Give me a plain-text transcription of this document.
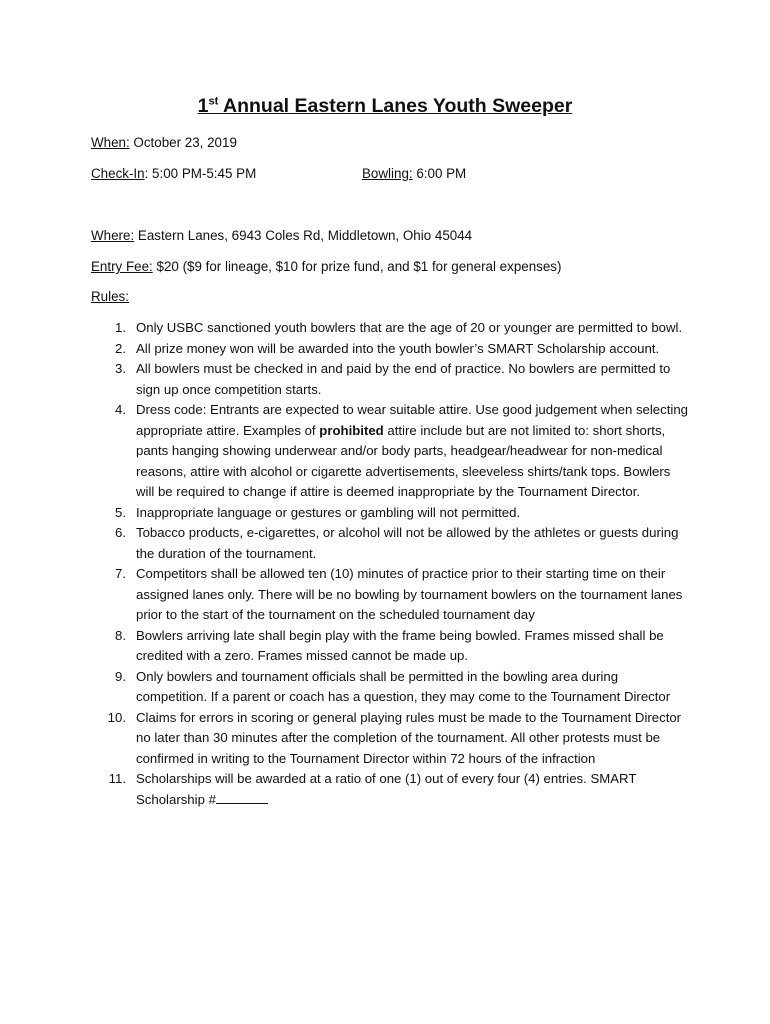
1st Annual Eastern Lanes Youth Sweeper
When: October 23, 2019
Check-In: 5:00 PM-5:45 PM	Bowling: 6:00 PM
Where: Eastern Lanes, 6943 Coles Rd, Middletown, Ohio 45044
Entry Fee: $20 ($9 for lineage, $10 for prize fund, and $1 for general expenses)
Rules:
1. Only USBC sanctioned youth bowlers that are the age of 20 or younger are permitted to bowl.
2. All prize money won will be awarded into the youth bowler’s SMART Scholarship account.
3. All bowlers must be checked in and paid by the end of practice. No bowlers are permitted to sign up once competition starts.
4. Dress code: Entrants are expected to wear suitable attire. Use good judgement when selecting appropriate attire. Examples of prohibited attire include but are not limited to: short shorts, pants hanging showing underwear and/or body parts, headgear/headwear for non-medical reasons, attire with alcohol or cigarette advertisements, sleeveless shirts/tank tops. Bowlers will be required to change if attire is deemed inappropriate by the Tournament Director.
5. Inappropriate language or gestures or gambling will not permitted.
6. Tobacco products, e-cigarettes, or alcohol will not be allowed by the athletes or guests during the duration of the tournament.
7. Competitors shall be allowed ten (10) minutes of practice prior to their starting time on their assigned lanes only. There will be no bowling by tournament bowlers on the tournament lanes prior to the start of the tournament on the scheduled tournament day
8. Bowlers arriving late shall begin play with the frame being bowled. Frames missed shall be credited with a zero. Frames missed cannot be made up.
9. Only bowlers and tournament officials shall be permitted in the bowling area during competition. If a parent or coach has a question, they may come to the Tournament Director
10. Claims for errors in scoring or general playing rules must be made to the Tournament Director no later than 30 minutes after the completion of the tournament. All other protests must be confirmed in writing to the Tournament Director within 72 hours of the infraction
11. Scholarships will be awarded at a ratio of one (1) out of every four (4) entries. SMART Scholarship #
